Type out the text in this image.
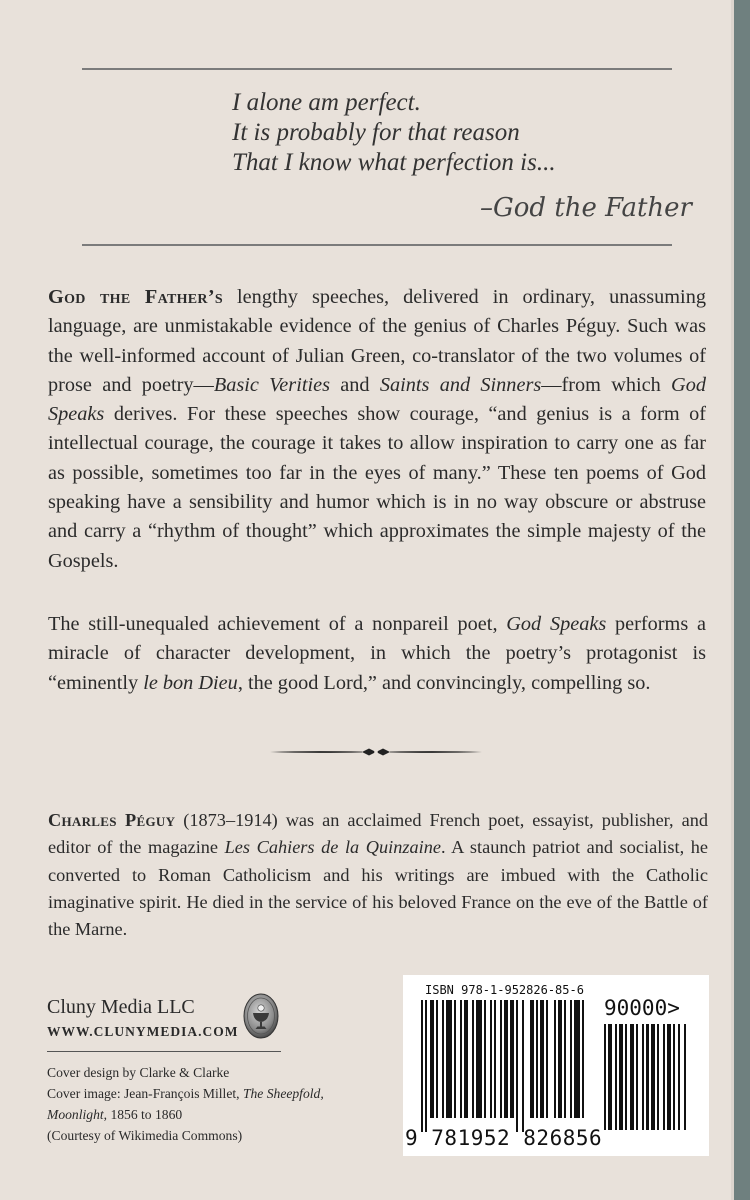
I alone am perfect.
It is probably for that reason
That I know what perfection is...
–God the Father
God the Father’s lengthy speeches, delivered in ordinary, unassuming language, are unmistakable evidence of the genius of Charles Péguy. Such was the well-informed account of Julian Green, co-translator of the two volumes of prose and poetry—Basic Verities and Saints and Sinners—from which God Speaks derives. For these speeches show courage, “and genius is a form of intellectual courage, the courage it takes to allow inspiration to carry one as far as possible, sometimes too far in the eyes of many.” These ten poems of God speaking have a sensibility and humor which is in no way obscure or abstruse and carry a “rhythm of thought” which approximates the simple majesty of the Gospels.
The still-unequaled achievement of a nonpareil poet, God Speaks performs a miracle of character development, in which the poetry’s protagonist is “eminently le bon Dieu, the good Lord,” and convincingly, compelling so.
Charles Péguy (1873–1914) was an acclaimed French poet, essayist, publisher, and editor of the magazine Les Cahiers de la Quinzaine. A staunch patriot and socialist, he converted to Roman Catholicism and his writings are imbued with the Catholic imaginative spirit. He died in the service of his beloved France on the eve of the Battle of the Marne.
Cluny Media LLC
WWW.CLUNYMEDIA.COM
Cover design by Clarke & Clarke
Cover image: Jean-François Millet, The Sheepfold,
Moonlight, 1856 to 1860
(Courtesy of Wikimedia Commons)
ISBN 978-1-952826-85-6
90000>
9 781952 826856
